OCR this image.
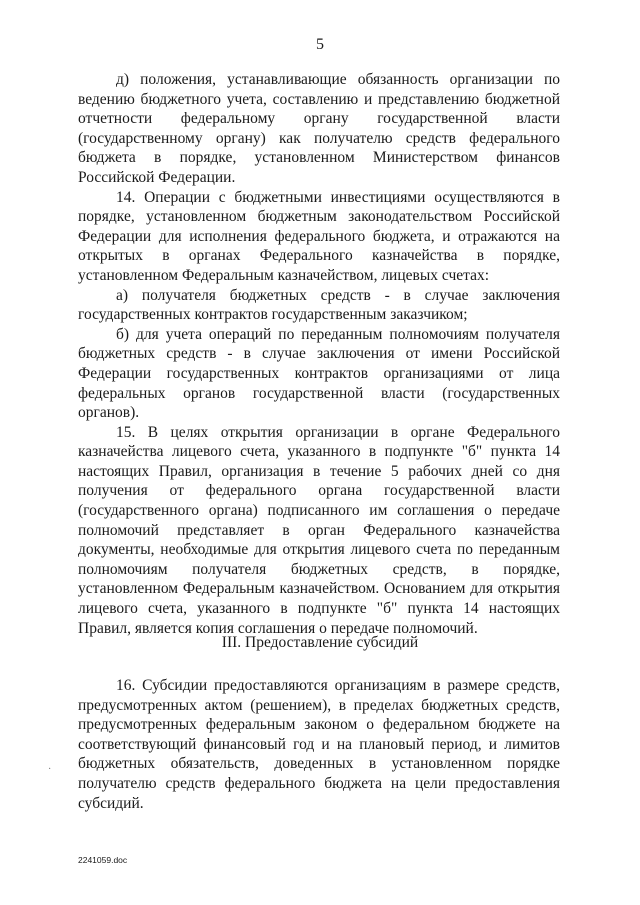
5

д) положения, устанавливающие обязанность организации по ведению бюджетного учета, составлению и представлению бюджетной отчетности федеральному органу государственной власти (государственному органу) как получателю средств федерального бюджета в порядке, установленном Министерством финансов Российской Федерации.

14. Операции с бюджетными инвестициями осуществляются в порядке, установленном бюджетным законодательством Российской Федерации для исполнения федерального бюджета, и отражаются на открытых в органах Федерального казначейства в порядке, установленном Федеральным казначейством, лицевых счетах:

а) получателя бюджетных средств - в случае заключения государственных контрактов государственным заказчиком;

б) для учета операций по переданным полномочиям получателя бюджетных средств - в случае заключения от имени Российской Федерации государственных контрактов организациями от лица федеральных органов государственной власти (государственных органов).

15. В целях открытия организации в органе Федерального казначейства лицевого счета, указанного в подпункте "б" пункта 14 настоящих Правил, организация в течение 5 рабочих дней со дня получения от федерального органа государственной власти (государственного органа) подписанного им соглашения о передаче полномочий представляет в орган Федерального казначейства документы, необходимые для открытия лицевого счета по переданным полномочиям получателя бюджетных средств, в порядке, установленном Федеральным казначейством. Основанием для открытия лицевого счета, указанного в подпункте "б" пункта 14 настоящих Правил, является копия соглашения о передаче полномочий.

III. Предоставление субсидий
·

16. Субсидии предоставляются организациям в размере средств, предусмотренных актом (решением), в пределах бюджетных средств, предусмотренных федеральным законом о федеральном бюджете на соответствующий финансовый год и на плановый период, и лимитов бюджетных обязательств, доведенных в установленном порядке получателю средств федерального бюджета на цели предоставления субсидий.

2241059.doc
